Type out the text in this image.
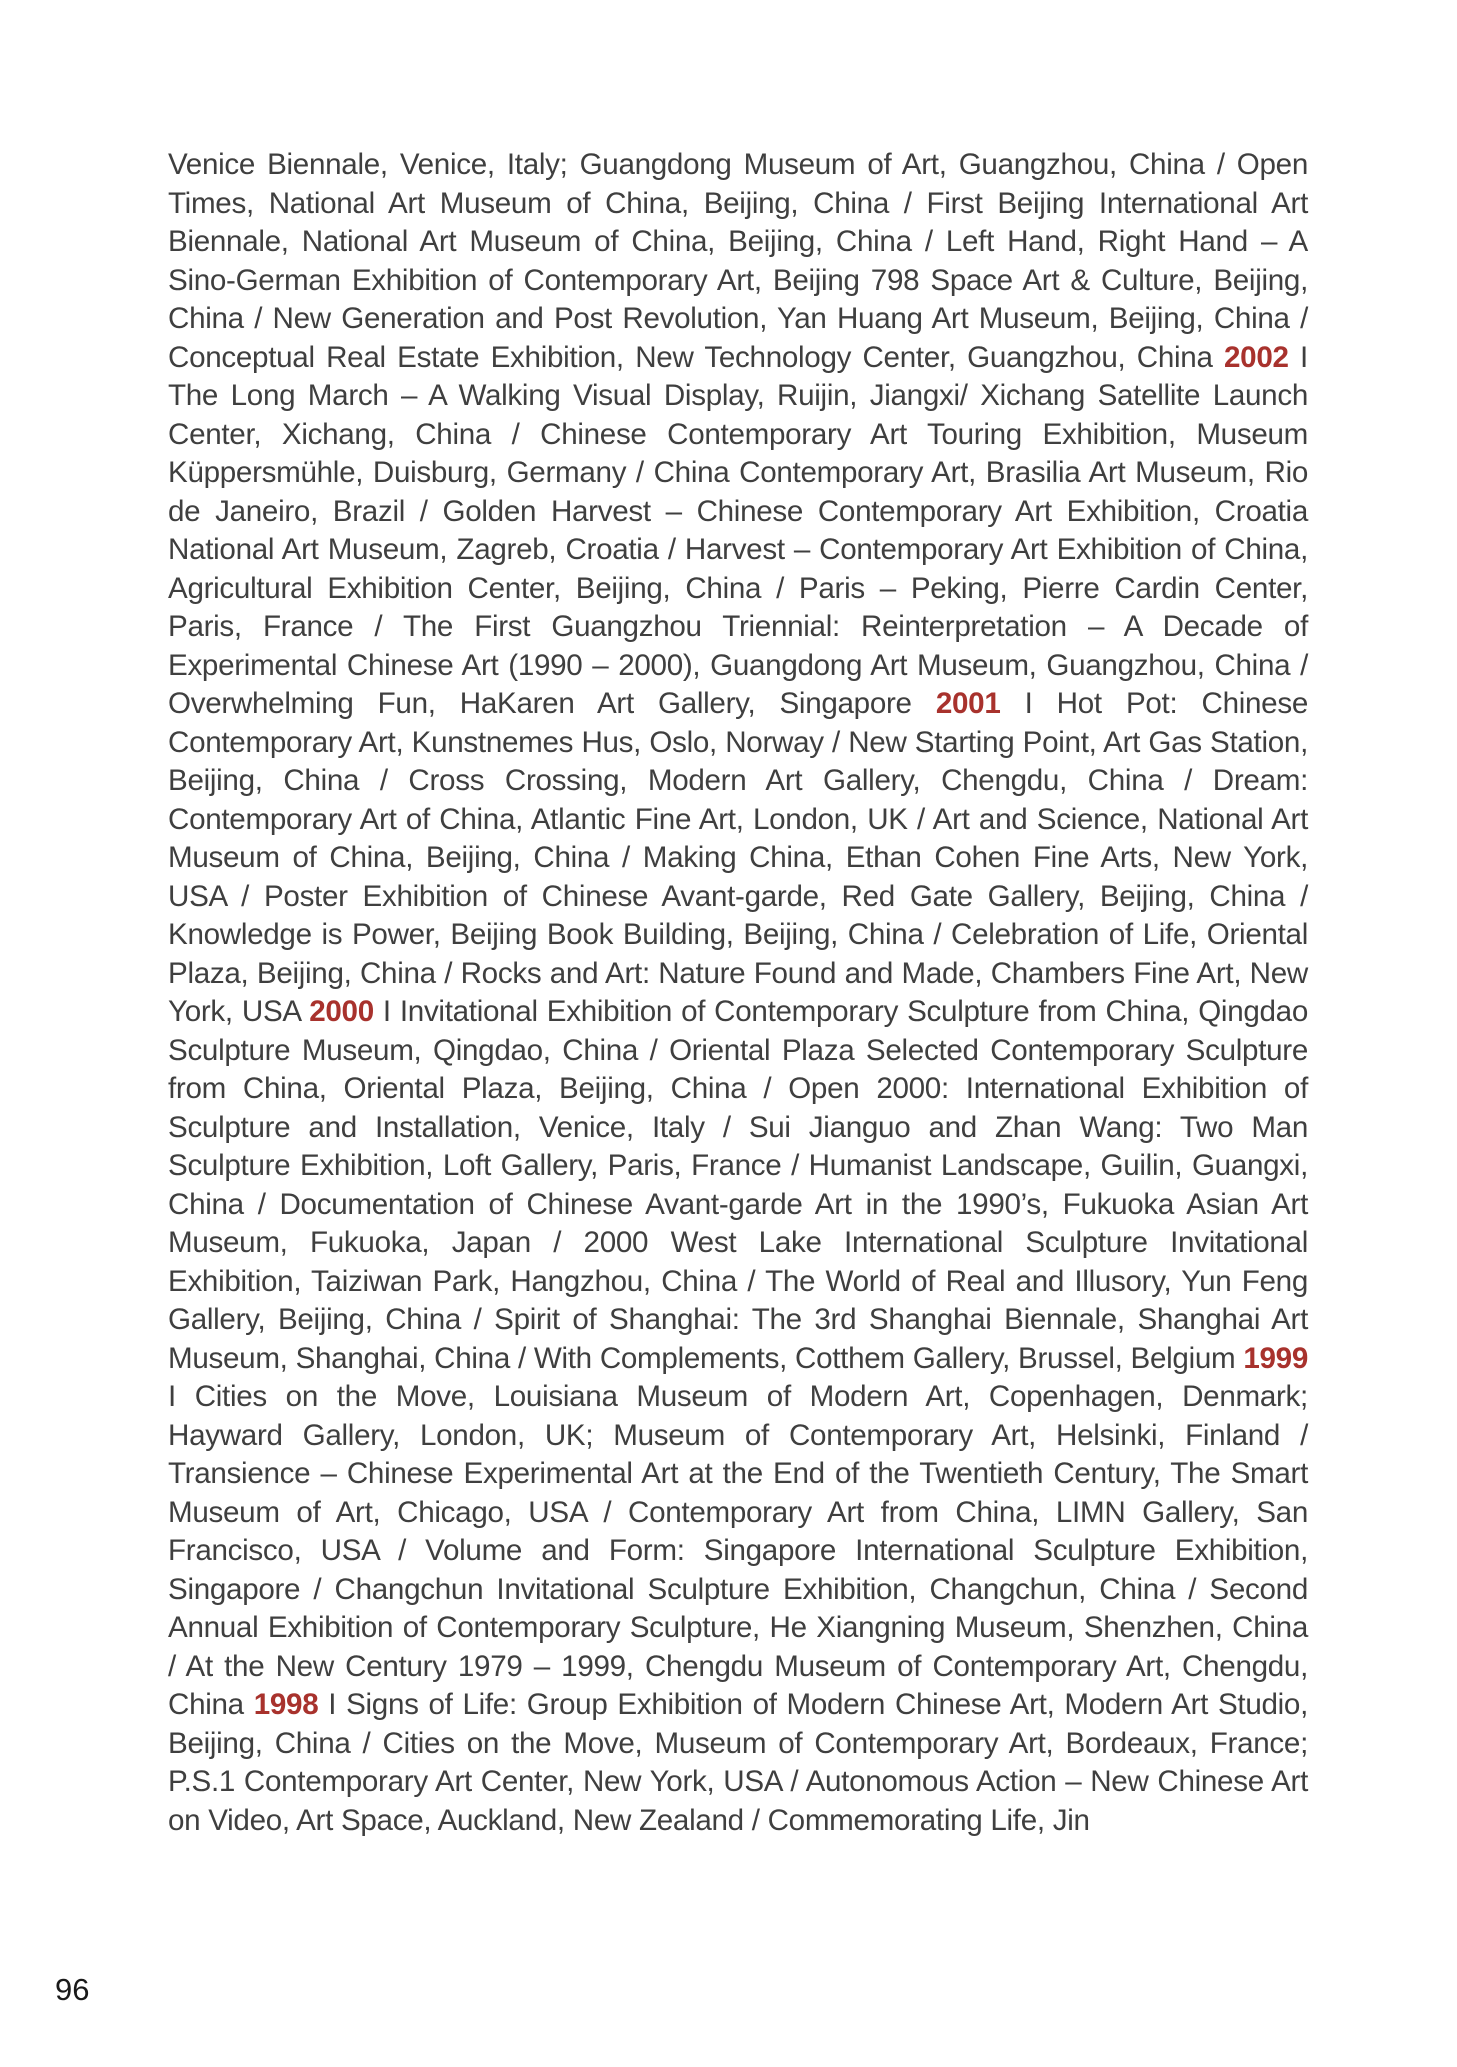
Venice Biennale, Venice, Italy; Guangdong Museum of Art, Guangzhou, China / Open Times, National Art Museum of China, Beijing, China / First Beijing International Art Biennale, National Art Museum of China, Beijing, China / Left Hand, Right Hand – A Sino-German Exhibition of Contemporary Art, Beijing 798 Space Art & Culture, Beijing, China / New Generation and Post Revolution, Yan Huang Art Museum, Beijing, China / Conceptual Real Estate Exhibition, New Technology Center, Guangzhou, China 2002 I The Long March – A Walking Visual Display, Ruijin, Jiangxi/ Xichang Satellite Launch Center, Xichang, China / Chinese Contemporary Art Touring Exhibition, Museum Küppersmühle, Duisburg, Germany / China Contemporary Art, Brasilia Art Museum, Rio de Janeiro, Brazil / Golden Harvest – Chinese Contemporary Art Exhibition, Croatia National Art Museum, Zagreb, Croatia / Harvest – Contemporary Art Exhibition of China, Agricultural Exhibition Center, Beijing, China / Paris – Peking, Pierre Cardin Center, Paris, France / The First Guangzhou Triennial: Reinterpretation – A Decade of Experimental Chinese Art (1990 – 2000), Guangdong Art Museum, Guangzhou, China / Overwhelming Fun, HaKaren Art Gallery, Singapore 2001 I Hot Pot: Chinese Contemporary Art, Kunstnemes Hus, Oslo, Norway / New Starting Point, Art Gas Station, Beijing, China / Cross Crossing, Modern Art Gallery, Chengdu, China / Dream: Contemporary Art of China, Atlantic Fine Art, London, UK / Art and Science, National Art Museum of China, Beijing, China / Making China, Ethan Cohen Fine Arts, New York, USA / Poster Exhibition of Chinese Avant-garde, Red Gate Gallery, Beijing, China / Knowledge is Power, Beijing Book Building, Beijing, China / Celebration of Life, Oriental Plaza, Beijing, China / Rocks and Art: Nature Found and Made, Chambers Fine Art, New York, USA 2000 I Invitational Exhibition of Contemporary Sculpture from China, Qingdao Sculpture Museum, Qingdao, China / Oriental Plaza Selected Contemporary Sculpture from China, Oriental Plaza, Beijing, China / Open 2000: International Exhibition of Sculpture and Installation, Venice, Italy / Sui Jianguo and Zhan Wang: Two Man Sculpture Exhibition, Loft Gallery, Paris, France / Humanist Landscape, Guilin, Guangxi, China / Documentation of Chinese Avant-garde Art in the 1990’s, Fukuoka Asian Art Museum, Fukuoka, Japan / 2000 West Lake International Sculpture Invitational Exhibition, Taiziwan Park, Hangzhou, China / The World of Real and Illusory, Yun Feng Gallery, Beijing, China / Spirit of Shanghai: The 3rd Shanghai Biennale, Shanghai Art Museum, Shanghai, China / With Complements, Cotthem Gallery, Brussel, Belgium 1999 I Cities on the Move, Louisiana Museum of Modern Art, Copenhagen, Denmark; Hayward Gallery, London, UK; Museum of Contemporary Art, Helsinki, Finland / Transience – Chinese Experimental Art at the End of the Twentieth Century, The Smart Museum of Art, Chicago, USA / Contemporary Art from China, LIMN Gallery, San Francisco, USA / Volume and Form: Singapore International Sculpture Exhibition, Singapore / Changchun Invitational Sculpture Exhibition, Changchun, China / Second Annual Exhibition of Contemporary Sculpture, He Xiangning Museum, Shenzhen, China / At the New Century 1979 – 1999, Chengdu Museum of Contemporary Art, Chengdu, China 1998 I Signs of Life: Group Exhibition of Modern Chinese Art, Modern Art Studio, Beijing, China / Cities on the Move, Museum of Contemporary Art, Bordeaux, France; P.S.1 Contemporary Art Center, New York, USA / Autonomous Action – New Chinese Art on Video, Art Space, Auckland, New Zealand / Commemorating Life, Jin
96
